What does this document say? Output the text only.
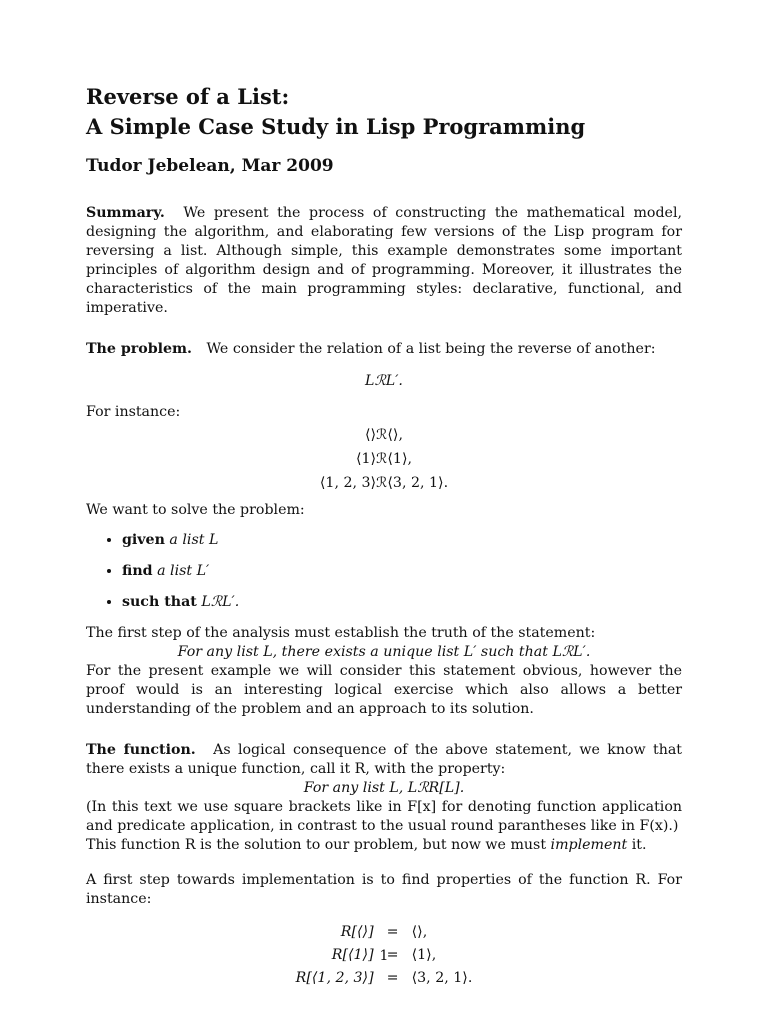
Reverse of a List:
A Simple Case Study in Lisp Programming
Tudor Jebelean, Mar 2009

Summary. We present the process of constructing the mathematical model, designing the algorithm, and elaborating few versions of the Lisp program for reversing a list. Although simple, this example demonstrates some important principles of algorithm design and of programming. Moreover, it illustrates the characteristics of the main programming styles: declarative, functional, and imperative.

The problem. We consider the relation of a list being the reverse of another:

LℛL′.

For instance:

⟨⟩ℛ⟨⟩,
⟨1⟩ℛ⟨1⟩,
⟨1, 2, 3⟩ℛ⟨3, 2, 1⟩.

We want to solve the problem:

• given a list L
• find a list L′
• such that LℛL′.

The first step of the analysis must establish the truth of the statement:

For any list L, there exists a unique list L′ such that LℛL′.

For the present example we will consider this statement obvious, however the proof would is an interesting logical exercise which also allows a better understanding of the problem and an approach to its solution.

The function. As logical consequence of the above statement, we know that there exists a unique function, call it R, with the property:

For any list L, LℛR[L].

(In this text we use square brackets like in F[x] for denoting function application and predicate application, in contrast to the usual round parantheses like in F(x).)

This function R is the solution to our problem, but now we must implement it.

A first step towards implementation is to find properties of the function R. For instance:

R[⟨⟩]	=	⟨⟩,
R[⟨1⟩]	=	⟨1⟩,
R[⟨1, 2, 3⟩]	=	⟨3, 2, 1⟩.
1
